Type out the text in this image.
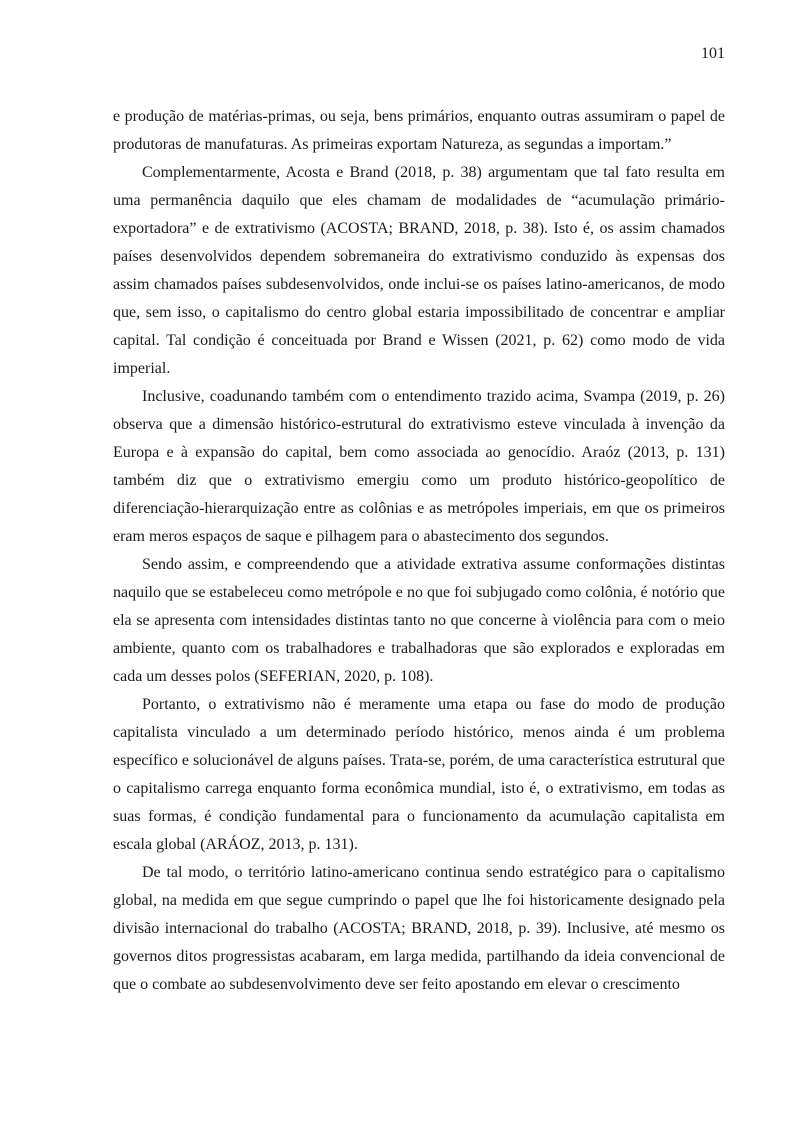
101

e produção de matérias-primas, ou seja, bens primários, enquanto outras assumiram o papel de produtoras de manufaturas. As primeiras exportam Natureza, as segundas a importam.”

Complementarmente, Acosta e Brand (2018, p. 38) argumentam que tal fato resulta em uma permanência daquilo que eles chamam de modalidades de “acumulação primário-exportadora” e de extrativismo (ACOSTA; BRAND, 2018, p. 38). Isto é, os assim chamados países desenvolvidos dependem sobremaneira do extrativismo conduzido às expensas dos assim chamados países subdesenvolvidos, onde inclui-se os países latino-americanos, de modo que, sem isso, o capitalismo do centro global estaria impossibilitado de concentrar e ampliar capital. Tal condição é conceituada por Brand e Wissen (2021, p. 62) como modo de vida imperial.

Inclusive, coadunando também com o entendimento trazido acima, Svampa (2019, p. 26) observa que a dimensão histórico-estrutural do extrativismo esteve vinculada à invenção da Europa e à expansão do capital, bem como associada ao genocídio. Araóz (2013, p. 131) também diz que o extrativismo emergiu como um produto histórico-geopolítico de diferenciação-hierarquização entre as colônias e as metrópoles imperiais, em que os primeiros eram meros espaços de saque e pilhagem para o abastecimento dos segundos.

Sendo assim, e compreendendo que a atividade extrativa assume conformações distintas naquilo que se estabeleceu como metrópole e no que foi subjugado como colônia, é notório que ela se apresenta com intensidades distintas tanto no que concerne à violência para com o meio ambiente, quanto com os trabalhadores e trabalhadoras que são explorados e exploradas em cada um desses polos (SEFERIAN, 2020, p. 108).

Portanto, o extrativismo não é meramente uma etapa ou fase do modo de produção capitalista vinculado a um determinado período histórico, menos ainda é um problema específico e solucionável de alguns países. Trata-se, porém, de uma característica estrutural que o capitalismo carrega enquanto forma econômica mundial, isto é, o extrativismo, em todas as suas formas, é condição fundamental para o funcionamento da acumulação capitalista em escala global (ARÁOZ, 2013, p. 131).

De tal modo, o território latino-americano continua sendo estratégico para o capitalismo global, na medida em que segue cumprindo o papel que lhe foi historicamente designado pela divisão internacional do trabalho (ACOSTA; BRAND, 2018, p. 39). Inclusive, até mesmo os governos ditos progressistas acabaram, em larga medida, partilhando da ideia convencional de que o combate ao subdesenvolvimento deve ser feito apostando em elevar o crescimento
